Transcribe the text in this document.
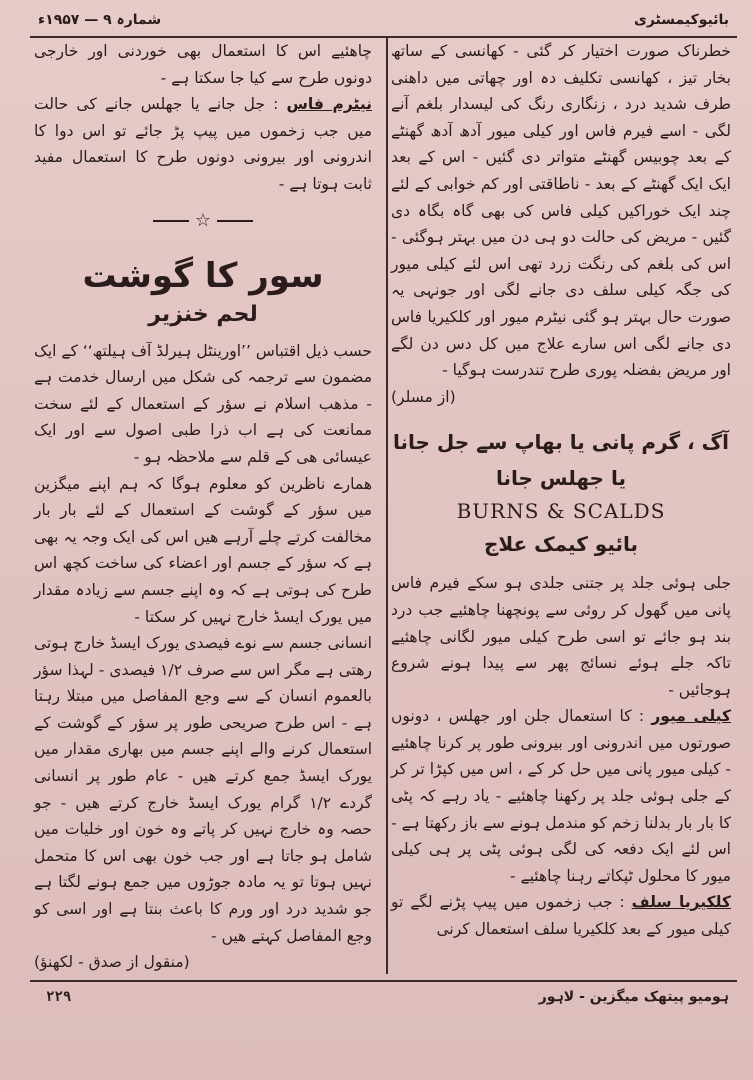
بائیوکیمسٹری
شمارہ ۹ — ۱۹۵۷ء

خطرناک صورت اختیار کر گئی - کھانسی کے ساتھ بخار تیز ، کھانسی تکلیف دہ اور چھاتی میں داھنی طرف شدید درد ، زنگاری رنگ کی لیسدار بلغم آنے لگی - اسے فیرم فاس اور کیلی میور آدھ آدھ گھنٹے کے بعد چوبیس گھنٹے متواتر دی گئیں - اس کے بعد ایک ایک گھنٹے کے بعد - ناطاقتی اور کم خوابی کے لئے چند ایک خوراکیں کیلی فاس کی بھی گاہ بگاہ دی گئیں - مریض کی حالت دو ہی دن میں بہتر ہوگئی - اس کی بلغم کی رنگت زرد تھی اس لئے کیلی میور کی جگہ کیلی سلف دی جانے لگی اور جونہی یہ صورت حال بہتر ہو گئی نیٹرم میور اور کلکیریا فاس دی جانے لگی اس سارے علاج میں کل دس دن لگے اور مریض بفضلہ پوری طرح تندرست ہوگیا -

(از مسلر)

آگ ، گرم پانی یا بھاپ سے جل جانا
یا جھلس جانا
BURNS & SCALDS
بائیو کیمک علاج

جلی ہوئی جلد پر جتنی جلدی ہو سکے فیرم فاس پانی میں گھول کر روئی سے پونچھنا چاھئیے جب درد بند ہو جائے تو اسی طرح کیلی میور لگانی چاھئیے تاکہ جلے ہوئے نسائج پھر سے پیدا ہونے شروع ہوجائیں -

کیلی میور : کا استعمال جلن اور جھلس ، دونوں صورتوں میں اندرونی اور بیرونی طور پر کرنا چاھئیے - کیلی میور پانی میں حل کر کے ، اس میں کپڑا تر کر کے جلی ہوئی جلد پر رکھنا چاھئیے - یاد رہے کہ پٹی کا بار بار بدلنا زخم کو مندمل ہونے سے باز رکھتا ہے - اس لئے ایک دفعہ کی لگی ہوئی پٹی پر ہی کیلی میور کا محلول ٹپکاتے رہنا چاھئیے -

کلکیریا سلف : جب زخموں میں پیپ پڑنے لگے تو کیلی میور کے بعد کلکیریا سلف استعمال کرنی

چاھئیے اس کا استعمال بھی خوردنی اور خارجی دونوں طرح سے کیا جا سکتا ہے -

نیٹرم فاس : جل جانے یا جھلس جانے کی حالت میں جب زخموں میں پیپ پڑ جائے تو اس دوا کا اندرونی اور بیرونی دونوں طرح کا استعمال مفید ثابت ہوتا ہے -

☆
سور کا گوشت
لحم خنزیر

حسب ذیل اقتباس ’’اورینٹل ہیرلڈ آف ہیلتھ‘‘ کے ایک مضمون سے ترجمہ کی شکل میں ارسال خدمت ہے - مذھب اسلام نے سؤر کے استعمال کے لئے سخت ممانعت کی ہے اب ذرا طبی اصول سے اور ایک عیسائی ھی کے قلم سے ملاحظہ ہو -

ھمارے ناظرین کو معلوم ہوگا کہ ہم اپنے میگزین میں سؤر کے گوشت کے استعمال کے لئے بار بار مخالفت کرتے چلے آرہے ھیں اس کی ایک وجہ یہ بھی ہے کہ سؤر کے جسم اور اعضاء کی ساخت کچھ اس طرح کی ہوتی ہے کہ وہ اپنے جسم سے زیادہ مقدار میں یورک ایسڈ خارج نہیں کر سکتا -

انسانی جسم سے نوے فیصدی یورک ایسڈ خارج ہوتی رھتی ہے مگر اس سے صرف ۱/۲ فیصدی - لہذا سؤر بالعموم انسان کے سے وجع المفاصل میں مبتلا رہتا ہے - اس طرح صریحی طور پر سؤر کے گوشت کے استعمال کرنے والے اپنے جسم میں بھاری مقدار میں یورک ایسڈ جمع کرتے ھیں - عام طور پر انسانی گردے ۱/۲ گرام یورک ایسڈ خارج کرتے ھیں - جو حصہ وہ خارج نہیں کر پاتے وہ خون اور خلیات میں شامل ہو جاتا ہے اور جب خون بھی اس کا متحمل نہیں ہوتا تو یہ مادہ جوڑوں میں جمع ہونے لگتا ہے جو شدید درد اور ورم کا باعث بنتا ہے اور اسی کو وجع المفاصل کہتے ھیں -

(منقول از صدق - لکھنؤ)

ہومیو پیتھک میگزین - لاہور
۲۲۹
